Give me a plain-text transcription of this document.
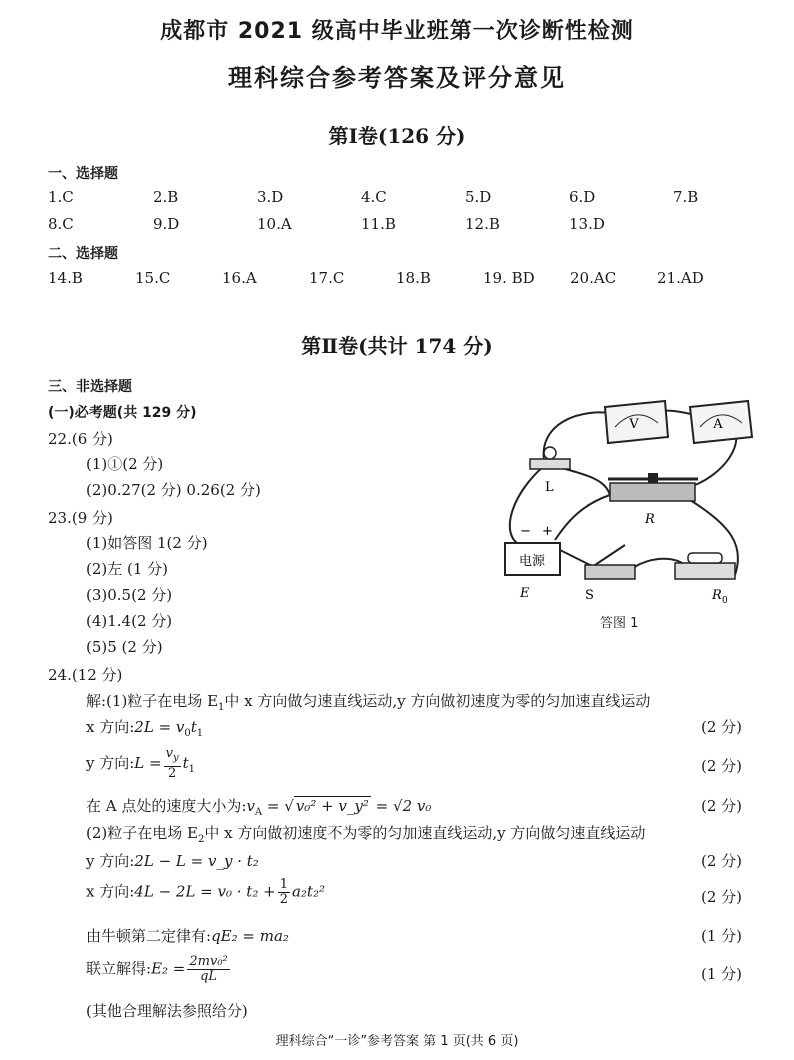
成都市 2021 级高中毕业班第一次诊断性检测
理科综合参考答案及评分意见
第Ⅰ卷(126 分)
一、选择题
1.C	2.B	3.D	4.C	5.D	6.D	7.B
8.C	9.D	10.A	11.B	12.B	13.D
二、选择题
14.B	15.C	16.A	17.C	18.B	19. BD 20.AC	21.AD
第Ⅱ卷(共计 174 分)
三、非选择题
(一)必考题(共 129 分)
22.(6 分)
(1)①(2 分)
(2)0.27(2 分) 0.26(2 分)
23.(9 分)
(1)如答图 1(2 分)
(2)左 (1 分)
(3)0.5(2 分)
(4)1.4(2 分)
(5)5 (2 分)
V	A
L
R
− +
电源
E	S	R 0
答图 1
24.(12 分)
解:(1)粒子在电场 $E_1$中 x 方向做匀速直线运动,y 方向做初速度为零的匀加速直线运动
x 方向:2L = $v_0t_1$	(2 分)
y 方向:L = $\frac{v_y}{2} t_1$	(2 分)
在 A 点处的速度大小为$:v_A$ = √ v₀² + v_y² = √2 v₀	(2 分)
(2)粒子在电场 $E_2$中 x 方向做初速度不为零的匀加速直线运动,y 方向做匀速直线运动
y 方向:2L − L = v_y · t₂	(2 分)
x 方向:4L − $2L = v_0 \cdot t_2 + \frac{1}{2} a_2t_2^2$	(2 分)
由牛顿第二定律有:qE₂ = ma₂	(1 分)
联立解得:E₂ = $\frac{\text{2mv₀²}}{qL}$	(1 分)
(其他合理解法参照给分)
理科综合“一诊”参考答案 第 1 页(共 6 页)
